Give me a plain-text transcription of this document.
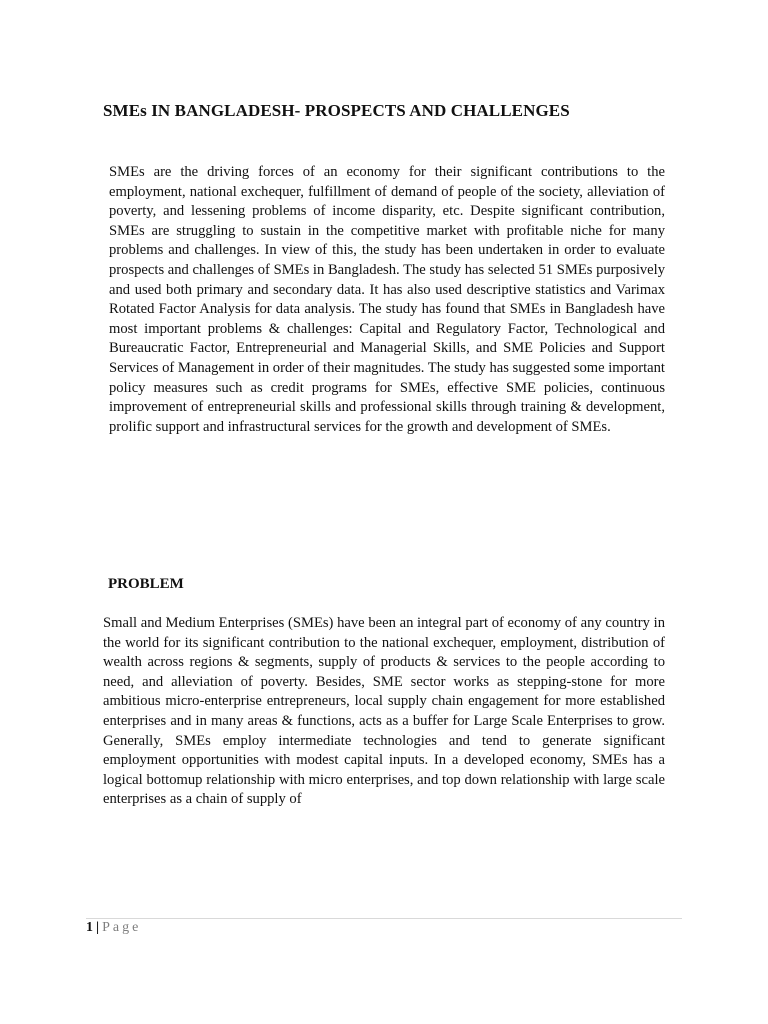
SMEs IN BANGLADESH- PROSPECTS AND CHALLENGES
SMEs are the driving forces of an economy for their significant contributions to the employment, national exchequer, fulfillment of demand of people of the society, alleviation of poverty, and lessening problems of income disparity, etc. Despite significant contribution, SMEs are struggling to sustain in the competitive market with profitable niche for many problems and challenges. In view of this, the study has been undertaken in order to evaluate prospects and challenges of SMEs in Bangladesh. The study has selected 51 SMEs purposively and used both primary and secondary data. It has also used descriptive statistics and Varimax Rotated Factor Analysis for data analysis. The study has found that SMEs in Bangladesh have most important problems & challenges: Capital and Regulatory Factor, Technological and Bureaucratic Factor, Entrepreneurial and Managerial Skills, and SME Policies and Support Services of Management in order of their magnitudes. The study has suggested some important policy measures such as credit programs for SMEs, effective SME policies, continuous improvement of entrepreneurial skills and professional skills through training & development, prolific support and infrastructural services for the growth and development of SMEs.
PROBLEM
Small and Medium Enterprises (SMEs) have been an integral part of economy of any country in the world for its significant contribution to the national exchequer, employment, distribution of wealth across regions & segments, supply of products & services to the people according to need, and alleviation of poverty. Besides, SME sector works as stepping-stone for more ambitious micro-enterprise entrepreneurs, local supply chain engagement for more established enterprises and in many areas & functions, acts as a buffer for Large Scale Enterprises to grow. Generally, SMEs employ intermediate technologies and tend to generate significant employment opportunities with modest capital inputs. In a developed economy, SMEs has a logical bottomup relationship with micro enterprises, and top down relationship with large scale enterprises as a chain of supply of
1 | Page
